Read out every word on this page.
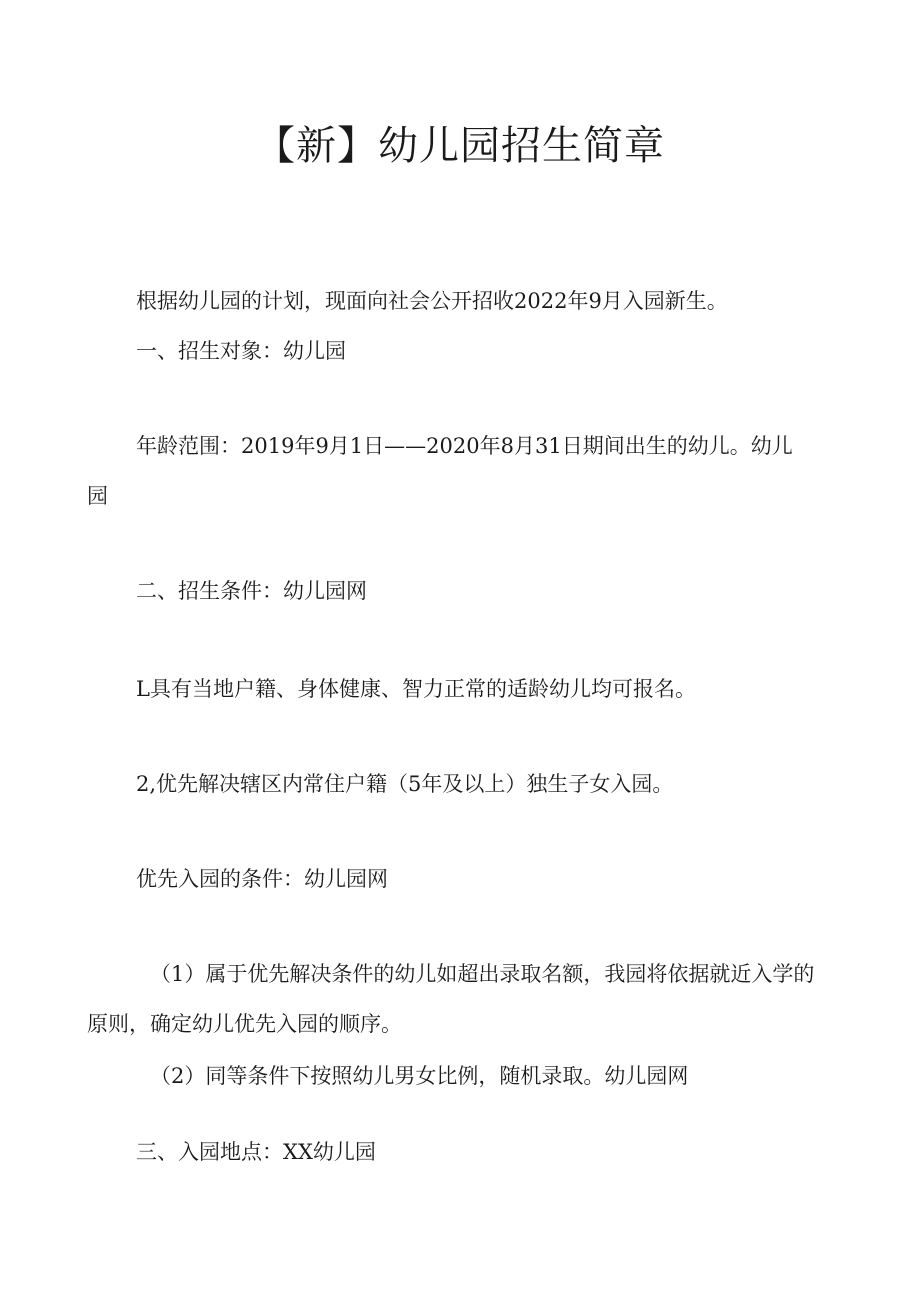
【新】幼儿园招生简章

根据幼儿园的计划，现面向社会公开招收2022年9月入园新生。

一、招生对象：幼儿园

年龄范围：2019年9月1日——2020年8月31日期间出生的幼儿。幼儿

园

二、招生条件：幼儿园网

L具有当地户籍、身体健康、智力正常的适龄幼儿均可报名。

2,优先解决辖区内常住户籍（5年及以上）独生子女入园。

优先入园的条件：幼儿园网

（1）属于优先解决条件的幼儿如超出录取名额，我园将依据就近入学的

原则，确定幼儿优先入园的顺序。

（2）同等条件下按照幼儿男女比例，随机录取。幼儿园网

三、入园地点：XX幼儿园
